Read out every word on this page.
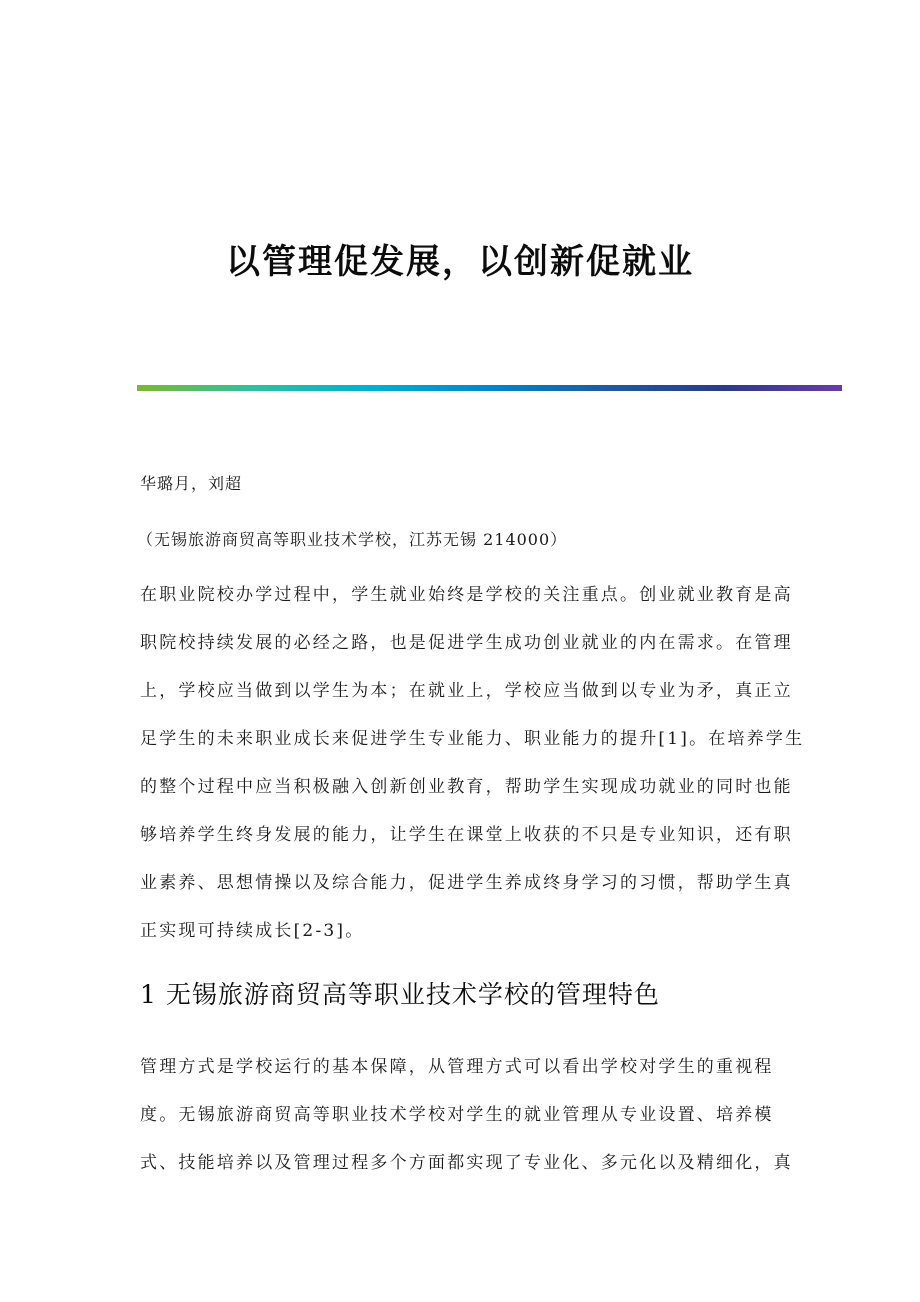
以管理促发展，以创新促就业
华璐月，刘超
（无锡旅游商贸高等职业技术学校，江苏无锡 214000）

在职业院校办学过程中，学生就业始终是学校的关注重点。创业就业教育是高
职院校持续发展的必经之路，也是促进学生成功创业就业的内在需求。在管理
上，学校应当做到以学生为本；在就业上，学校应当做到以专业为矛，真正立
足学生的未来职业成长来促进学生专业能力、职业能力的提升[1]。在培养学生
的整个过程中应当积极融入创新创业教育，帮助学生实现成功就业的同时也能
够培养学生终身发展的能力，让学生在课堂上收获的不只是专业知识，还有职
业素养、思想情操以及综合能力，促进学生养成终身学习的习惯，帮助学生真
正实现可持续成长[2-3]。

1 无锡旅游商贸高等职业技术学校的管理特色

管理方式是学校运行的基本保障，从管理方式可以看出学校对学生的重视程
度。无锡旅游商贸高等职业技术学校对学生的就业管理从专业设置、培养模
式、技能培养以及管理过程多个方面都实现了专业化、多元化以及精细化，真
